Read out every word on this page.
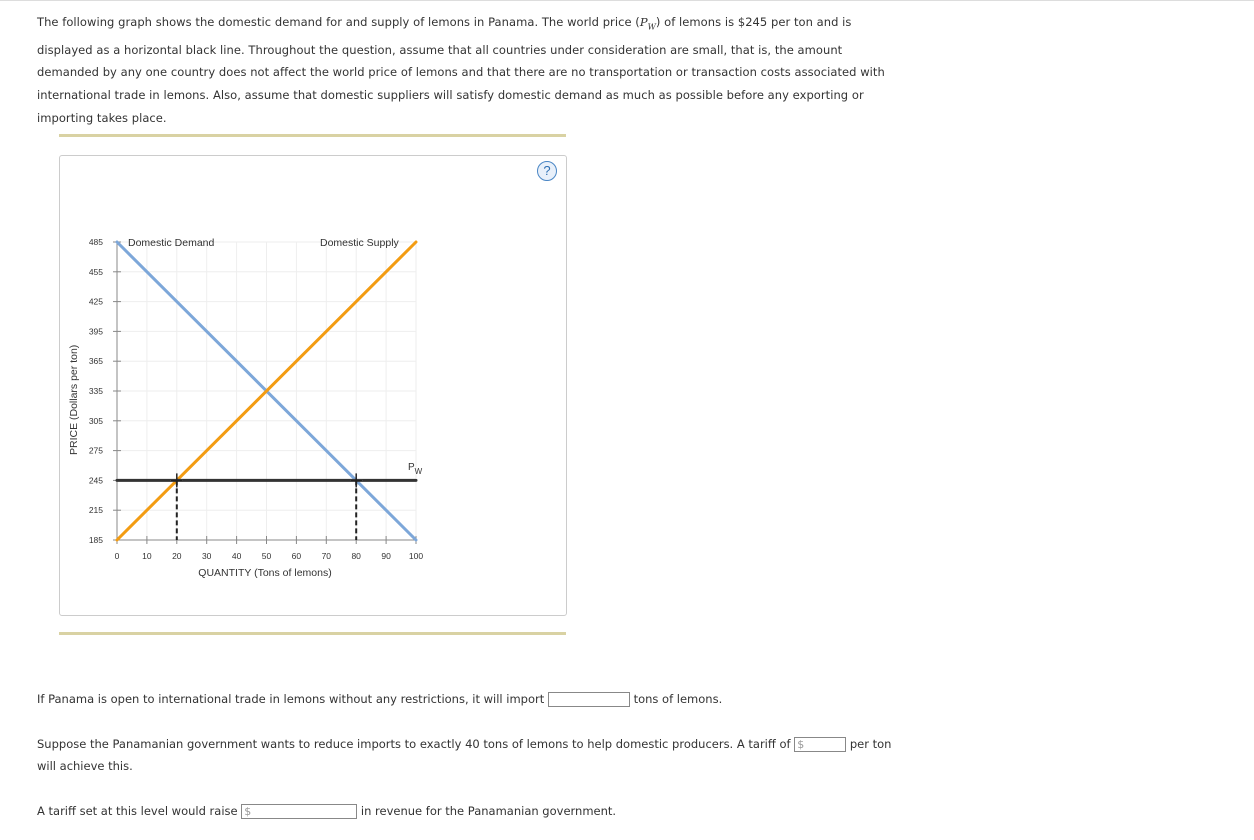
The following graph shows the domestic demand for and supply of lemons in Panama. The world price $(P_W)$ of lemons is $245 per ton and is displayed as a horizontal black line. Throughout the question, assume that all countries under consideration are small, that is, the amount demanded by any one country does not affect the world price of lemons and that there are no transportation or transaction costs associated with international trade in lemons. Also, assume that domestic suppliers will satisfy domestic demand as much as possible before any exporting or importing takes place.
?
185
215
245
275
305
335
365
395
425
455
485
0	10 20 30 40 50 60 70 80 90 100
PRICE (Dollars per ton)
QUANTITY (Tons of lemons)
Domestic Demand	Domestic Supply
$P_W$
If Panama is open to international trade in lemons without any restrictions, it will import	tons of lemons.
Suppose the Panamanian government wants to reduce imports to exactly 40 tons of lemons to help domestic producers. A tariff of $	per ton
will achieve this.
A tariff set at this level would raise $	in revenue for the Panamanian government.
